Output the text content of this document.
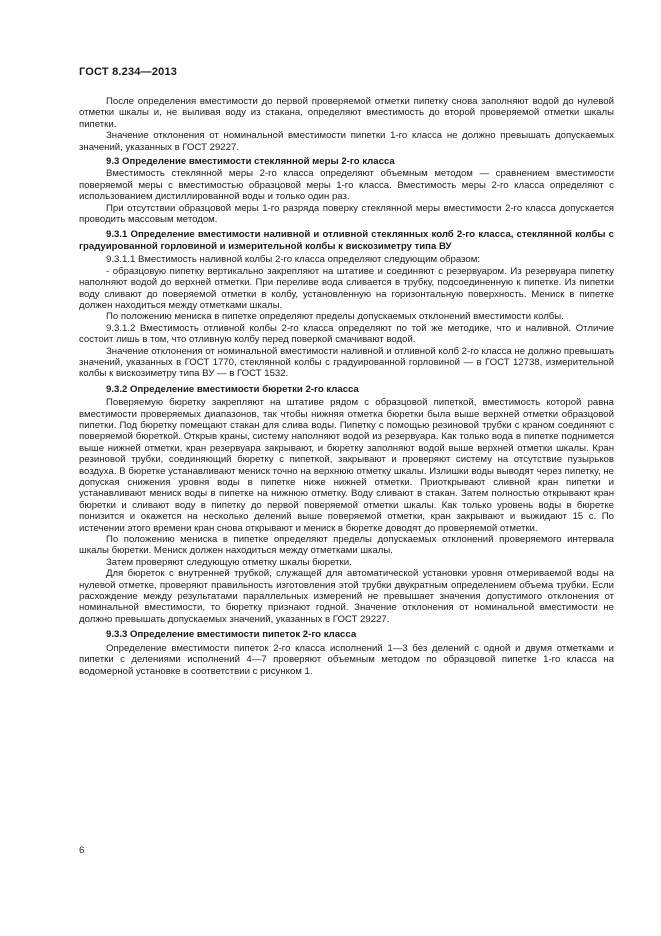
ГОСТ 8.234—2013

После определения вместимости до первой проверяемой отметки пипетку снова заполняют водой до нулевой отметки шкалы и, не выливая воду из стакана, определяют вместимость до второй проверяемой отметки шкалы пипетки.

Значение отклонения от номинальной вместимости пипетки 1-го класса не должно превышать допускаемых значений, указанных в ГОСТ 29227.

9.3 Определение вместимости стеклянной меры 2-го класса

Вместимость стеклянной меры 2-го класса определяют объемным методом — сравнением вместимости поверяемой меры с вместимостью образцовой меры 1-го класса. Вместимость меры 2-го класса определяют с использованием дистиллированной воды и только один раз.

При отсутствии образцовой меры 1-го разряда поверку стеклянной меры вместимости 2-го класса допускается проводить массовым методом.

9.3.1 Определение вместимости наливной и отливной стеклянных колб 2-го класса, стеклянной колбы с градуированной горловиной и измерительной колбы к вискозиметру типа ВУ

9.3.1.1 Вместимость наливной колбы 2-го класса определяют следующим образом:

- образцовую пипетку вертикально закрепляют на штативе и соединяют с резервуаром. Из резервуара пипетку наполняют водой до верхней отметки. При переливе вода сливается в трубку, подсоединенную к пипетке. Из пипетки воду сливают до поверяемой отметки в колбу, установленную на горизонтальную поверхность. Мениск в пипетке должен находиться между отметками шкалы.

По положению мениска в пипетке определяют пределы допускаемых отклонений вместимости колбы.

9.3.1.2 Вместимость отливной колбы 2-го класса определяют по той же методике, что и наливной. Отличие состоит лишь в том, что отливную колбу перед поверкой смачивают водой.

Значение отклонения от номинальной вместимости наливной и отливной колб 2-го класса не должно превышать значений, указанных в ГОСТ 1770, стеклянной колбы с градуированной горловиной — в ГОСТ 12738, измерительной колбы к вискозиметру типа ВУ — в ГОСТ 1532.

9.3.2 Определение вместимости бюретки 2-го класса

Поверяемую бюретку закрепляют на штативе рядом с образцовой пипеткой, вместимость которой равна вместимости проверяемых диапазонов, так чтобы нижняя отметка бюретки была выше верхней отметки образцовой пипетки. Под бюретку помещают стакан для слива воды. Пипетку с помощью резиновой трубки с краном соединяют с поверяемой бюреткой. Открыв краны, систему наполняют водой из резервуара. Как только вода в пипетке поднимется выше нижней отметки, кран резервуара закрывают, и бюретку заполняют водой выше верхней отметки шкалы. Кран резиновой трубки, соединяющий бюретку с пипеткой, закрывают и проверяют систему на отсутствие пузырьков воздуха. В бюретке устанавливают мениск точно на верхнюю отметку шкалы. Излишки воды выводят через пипетку, не допуская снижения уровня воды в пипетке ниже нижней отметки. Приоткрывают сливной кран пипетки и устанавливают мениск воды в пипетке на нижнюю отметку. Воду сливают в стакан. Затем полностью открывают кран бюретки и сливают воду в пипетку до первой поверяемой отметки шкалы. Как только уровень воды в бюретке понизится и окажется на несколько делений выше поверяемой отметки, кран закрывают и выжидают 15 с. По истечении этого времени кран снова открывают и мениск в бюретке доводят до проверяемой отметки.

По положению мениска в пипетке определяют пределы допускаемых отклонений проверяемого интервала шкалы бюретки. Мениск должен находиться между отметками шкалы.

Затем проверяют следующую отметку шкалы бюретки.

Для бюреток с внутренней трубкой, служащей для автоматической установки уровня отмериваемой воды на нулевой отметке, проверяют правильность изготовления этой трубки двукратным определением объема трубки. Если расхождение между результатами параллельных измерений не превышает значения допустимого отклонения от номинальной вместимости, то бюретку признают годной. Значение отклонения от номинальной вместимости не должно превышать допускаемых значений, указанных в ГОСТ 29227.

9.3.3 Определение вместимости пипеток 2-го класса

Определение вместимости пипеток 2-го класса исполнений 1—3 без делений с одной и двумя отметками и пипетки с делениями исполнений 4—7 проверяют объемным методом по образцовой пипетке 1-го класса на водомерной установке в соответствии с рисунком 1.

6
